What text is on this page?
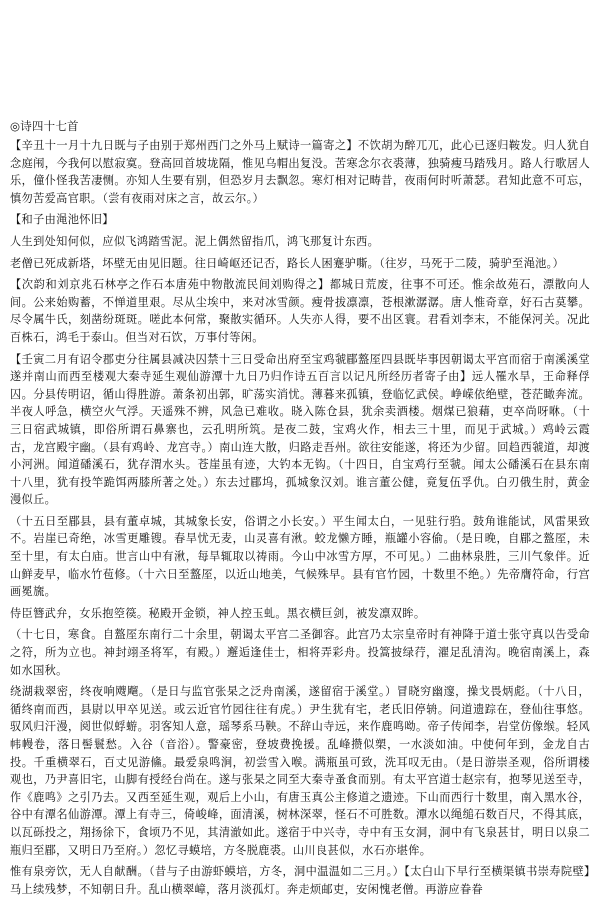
◎诗四十七首

【辛丑十一月十九日既与子由别于郑州西门之外马上赋诗一篇寄之】不饮胡为醉兀兀，此心已逐归鞍发。归人犹自念庭闱，今我何以慰寂寞。登高回首坡垅隔，惟见乌帽出复没。苦寒念尔衣裘薄，独骑瘦马踏残月。路人行歌居人乐，僮仆怪我苦凄恻。亦知人生要有别，但恐岁月去飘忽。寒灯相对记畴昔，夜雨何时听萧瑟。君知此意不可忘，慎勿苦爱高官职。（尝有夜雨对床之言，故云尔。）

【和子由渑池怀旧】

人生到处知何似，应似飞鸿踏雪泥。泥上偶然留指爪，鸿飞那复计东西。

老僧已死成新塔，坏壁无由见旧题。往日崎岖还记否，路长人困蹇驴嘶。（往岁，马死于二陵，骑驴至渑池。）

【次韵和刘京兆石林亭之作石本唐苑中物散流民间刘购得之】都城日荒废，往事不可还。惟余故苑石，漂散向人间。公来始购蓄，不惮道里艰。尽从尘埃中，来对冰雪颜。瘦骨拔凛凛，苍根漱潺潺。唐人惟奇章，好石古莫攀。尽令属牛氏，刻凿纷斑斑。嗟此本何常，聚散实循环。人失亦人得，要不出区寰。君看刘李末，不能保河关。况此百株石，鸿毛于泰山。但当对石饮，万事付等闲。

【壬寅二月有诏令郡吏分往属县减决囚禁十三日受命出府至宝鸡虢郿盩厔四县既毕事因朝谒太平宫而宿于南溪溪堂遂并南山而西至楼观大秦寺延生观仙游潭十九日乃归作诗五百言以记凡所经历者寄子由】远人罹水旱，王命释俘囚。分县传明诏，循山得胜游。萧条初出郭，旷荡实消忧。薄暮来孤镇，登临忆武侯。峥嵘依绝壁，苍茫瞰奔流。半夜人呼急，横空火气浮。天遥殊不辨，风急已难收。晓入陈仓县，犹余卖酒楼。烟煤已狼藉，吏卒尚呀咻。（十三日宿武城镇，即俗所谓石鼻寨也，云孔明所筑。是夜二鼓，宝鸡火作，相去三十里，而见于武城。）鸡岭云霞古，龙宫殿宇幽。（县有鸡岭、龙宫寺。）南山连大散，归路走吾州。欲往安能遂，将还为少留。回趋西虢道，却渡小河洲。闻道磻溪石，犹存渭水头。苍崖虽有迹，大钓本无钩。（十四日，自宝鸡行至虢。闻太公磻溪石在县东南十八里，犹有投竿跪饵两膝所著之处。）东去过郿坞，孤城象汉刘。谁言董公健，竟复伍孚仇。白刃俄生肘，黄金漫似丘。

（十五日至郿县，县有董卓城，其城象长安，俗谓之小长安。）平生闻太白，一见驻行驺。鼓角谁能试，风雷果致不。岩崖已奇绝，冰雪更雕锼。春旱忧无麦，山灵喜有湫。蛟龙懒方睡，瓶罐小容偷。（是日晚，自郿之盩厔，未至十里，有太白庙。世言山中有湫，每旱辄取以祷雨。今山中冰雪方厚，不可见。）二曲林泉胜，三川气象伴。近山鲜麦早，临水竹苞修。（十六日至盩厔，以近山地美，气候殊早。县有官竹园，十数里不绝。）先帝膺符命，行宫画冕旒。

侍臣簪武弁，女乐抱箜篌。秘殿开金锁，神人控玉虬。黑衣横巨剑，被发凛双眸。

（十七日，寒食。自盩厔东南行二十余里，朝谒太平宫二圣御容。此宫乃太宗皇帝时有神降于道士张守真以告受命之符，所为立也。神封翊圣将军，有殿。）邂逅逢佳士，相将弄彩舟。投篙披绿荇，濯足乱清沟。晚宿南溪上，森如水国秋。

绕湖栽翠密，终夜响飕飗。（是日与监官张杲之泛舟南溪，遂留宿于溪堂。）冒晓穷幽邃，操戈畏炳彪。（十八日，循终南而西，县尉以甲卒见送。或云近官竹园往往有虎。）尹生犹有宅，老氏旧停辀。问道遗踪在，登仙往事悠。驭风归汗漫，阅世似蜉蝣。羽客知人意，瑶琴系马鞅。不辞山寺远，来作鹿鸣呦。帝子传闻李，岩堂仿像缑。轻风帏幔卷，落日髻鬟愁。入谷（音浴）。警豪密，登坡费挽援。乱峰攒似槊，一水淡如油。中使何年到，金龙自古投。千重横翠石，百丈见游鯈。最爱泉鸣涧，初尝雪入喉。满瓶虽可致，洗耳叹无由。（是日游崇圣观，俗所谓楼观也，乃尹喜旧宅，山脚有授经台尚在。遂与张杲之同至大秦寺蚤食而别。有太平宫道士赵宗有，抱琴见送至寺，作《鹿鸣》之引乃去。又西至延生观，观后上小山，有唐玉真公主修道之遗迹。下山而西行十数里，南入黑水谷，谷中有潭名仙游潭。潭上有寺三，倚峻峰，面清溪，树林深翠，怪石不可胜数。潭水以绳缒石数百尺，不得其底，以瓦砾投之，翔扬徐下，食顷乃不见，其清澈如此。遂宿于中兴寺，寺中有玉女洞，洞中有飞泉甚甘，明日以泉二瓶归至郿，又明日乃至府。）忽忆寻蟆培，方冬脱鹿裘。山川良甚似，水石亦堪侔。

惟有泉旁饮，无人自献酬。（昔与子由游虾蟆培，方冬，洞中温温如二三月。）【太白山下早行至横渠镇书崇寿院壁】马上续残梦，不知朝日升。乱山横翠嶂，落月淡孤灯。奔走烦邮吏，安闲愧老僧。再游应眷眷
